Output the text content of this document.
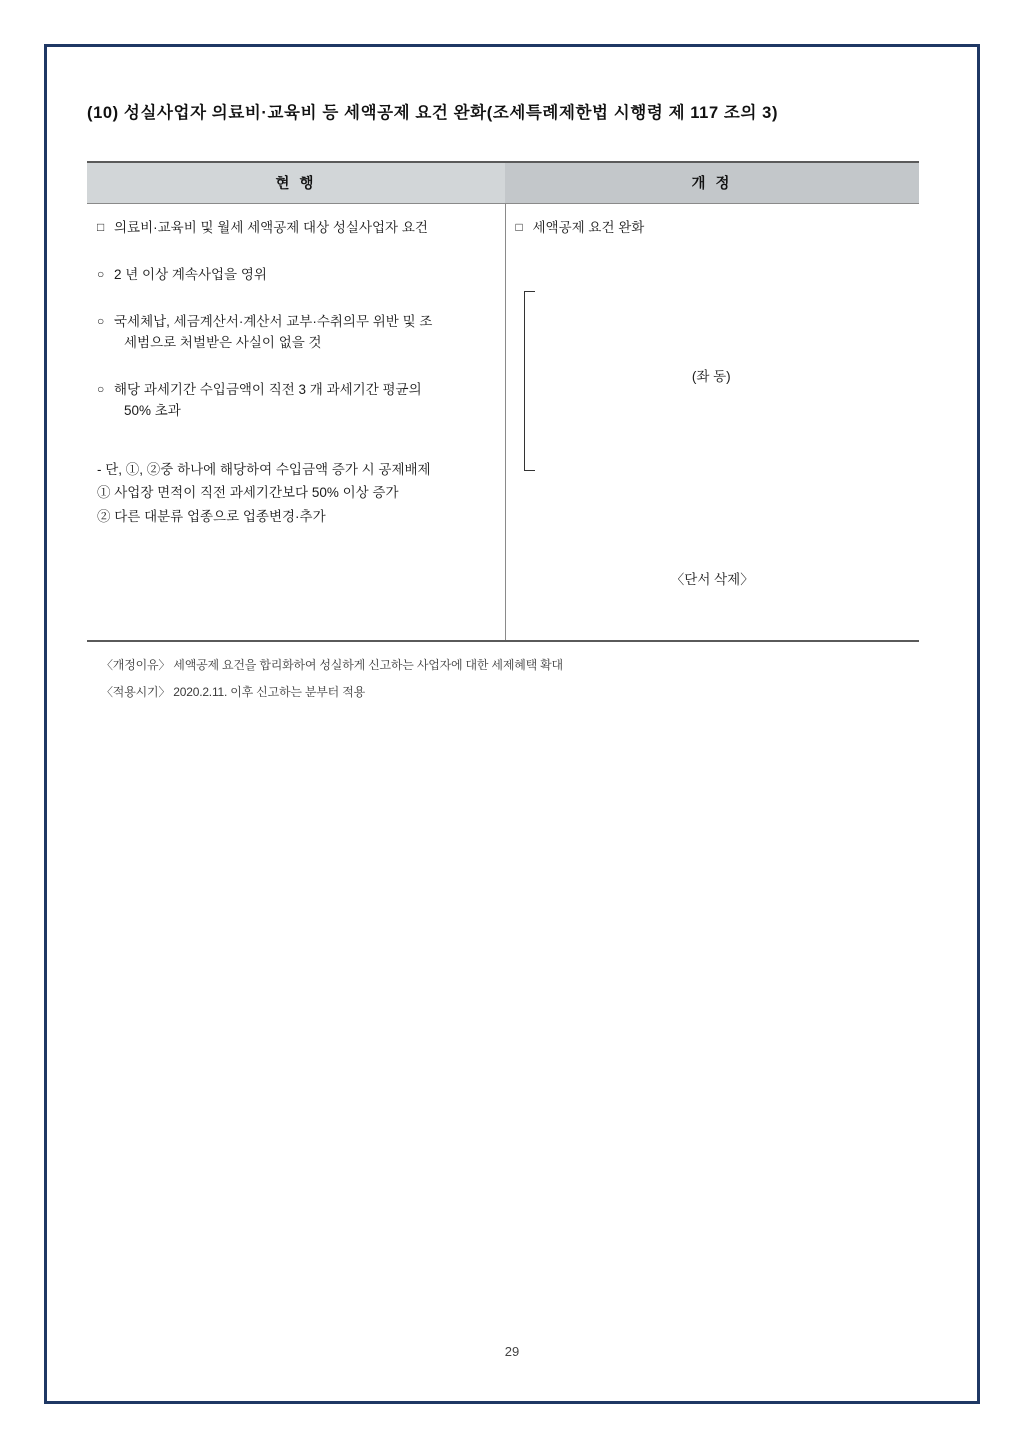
(10) 성실사업자 의료비·교육비 등 세액공제 요건 완화(조세특례제한법 시행령 제 117 조의 3)
현 행	개 정

□ 의료비·교육비 및 월세 세액공제 대상 성실사업자 요건
○ 2 년 이상 계속사업을 영위
○ 국세체납, 세금계산서·계산서 교부·수취의무 위반 및 조
세범으로 처벌받은 사실이 없을 것
○ 해당 과세기간 수입금액이 직전 3 개 과세기간 평균의
50% 초과
- 단, ①, ②중 하나에 해당하여 수입금액 증가 시 공제배제
① 사업장 면적이 직전 과세기간보다 50% 이상 증가
② 다른 대분류 업종으로 업종변경·추가

□ 세액공제 요건 완화
(좌 동)
〈단서 삭제〉
〈개정이유〉 세액공제 요건을 합리화하여 성실하게 신고하는 사업자에 대한 세제혜택 확대
〈적용시기〉 2020.2.11. 이후 신고하는 분부터 적용
29
